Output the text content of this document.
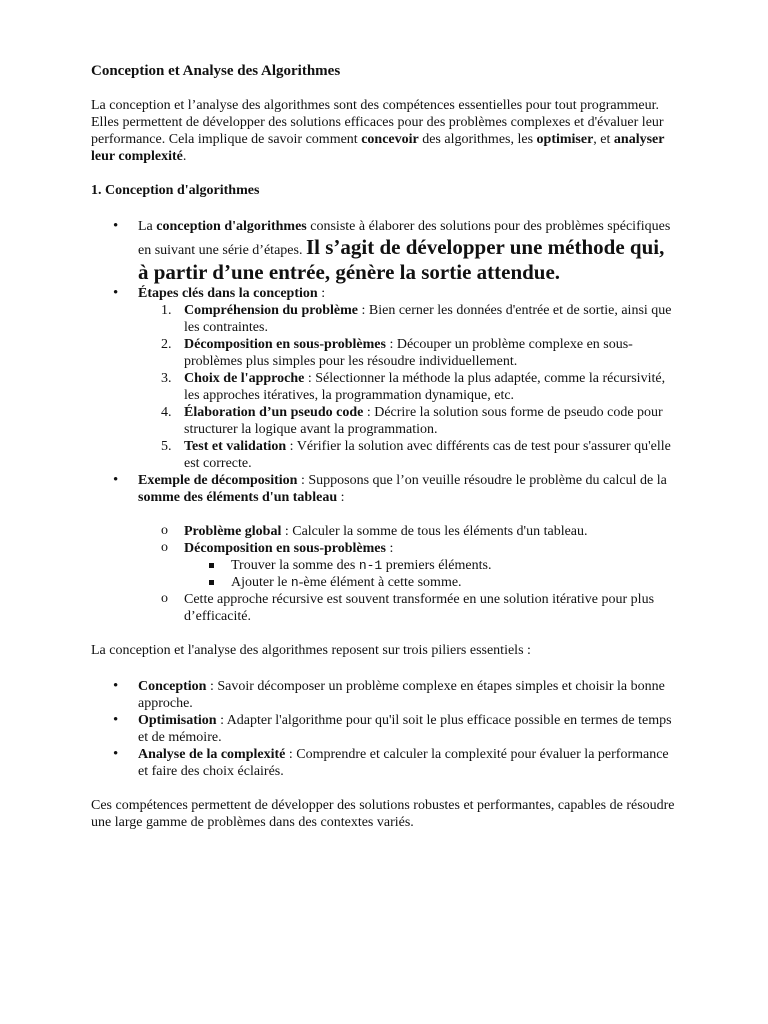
Conception et Analyse des Algorithmes

La conception et l’analyse des algorithmes sont des compétences essentielles pour tout programmeur. Elles permettent de développer des solutions efficaces pour des problèmes complexes et d'évaluer leur performance. Cela implique de savoir comment concevoir des algorithmes, les optimiser, et analyser leur complexité.

1. Conception d'algorithmes

• La conception d'algorithmes consiste à élaborer des solutions pour des problèmes spécifiques en suivant une série d’étapes. Il s’agit de développer une méthode qui, à partir d’une entrée, génère la sortie attendue.
• Étapes clés dans la conception :
1. Compréhension du problème : Bien cerner les données d'entrée et de sortie, ainsi que les contraintes.
2. Décomposition en sous-problèmes : Découper un problème complexe en sous-problèmes plus simples pour les résoudre individuellement.
3. Choix de l'approche : Sélectionner la méthode la plus adaptée, comme la récursivité, les approches itératives, la programmation dynamique, etc.
4. Élaboration d’un pseudo code : Décrire la solution sous forme de pseudo code pour structurer la logique avant la programmation.
5. Test et validation : Vérifier la solution avec différents cas de test pour s'assurer qu'elle est correcte.
• Exemple de décomposition : Supposons que l’on veuille résoudre le problème du calcul de la somme des éléments d'un tableau :
o Problème global : Calculer la somme de tous les éléments d'un tableau.
o Décomposition en sous-problèmes :
Trouver la somme des n-1 premiers éléments.
Ajouter le n-ème élément à cette somme.
o Cette approche récursive est souvent transformée en une solution itérative pour plus d’efficacité.

La conception et l'analyse des algorithmes reposent sur trois piliers essentiels :

• Conception : Savoir décomposer un problème complexe en étapes simples et choisir la bonne approche.
• Optimisation : Adapter l'algorithme pour qu'il soit le plus efficace possible en termes de temps et de mémoire.
• Analyse de la complexité : Comprendre et calculer la complexité pour évaluer la performance et faire des choix éclairés.

Ces compétences permettent de développer des solutions robustes et performantes, capables de résoudre une large gamme de problèmes dans des contextes variés.
